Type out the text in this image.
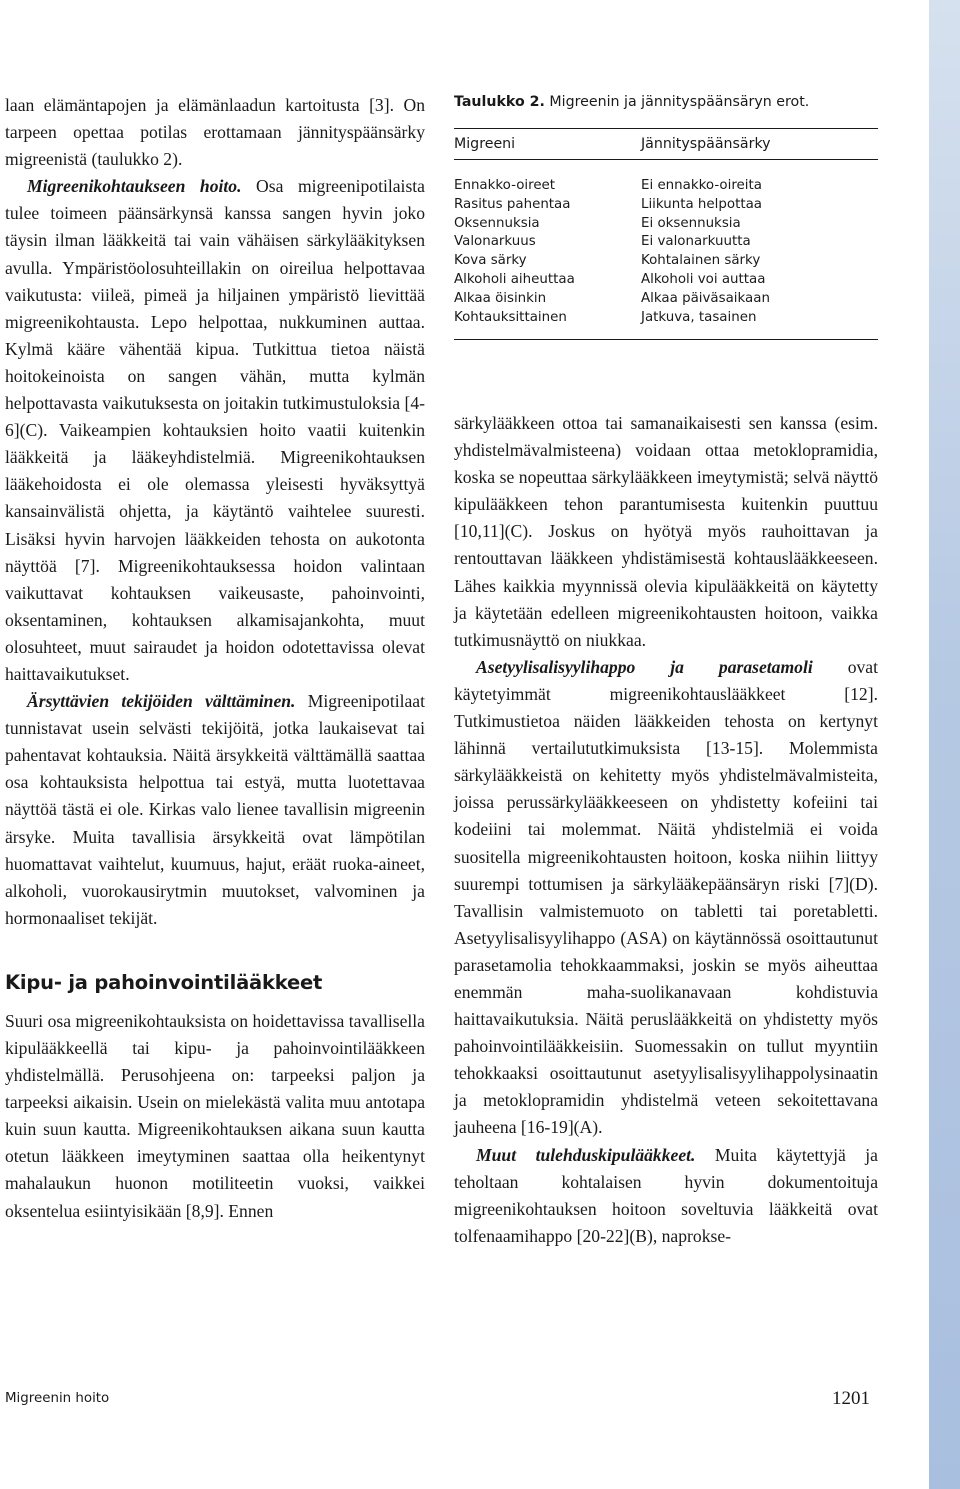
laan elämäntapojen ja elämänlaadun kartoitusta [3]. On tarpeen opettaa potilas erottamaan jännityspäänsärky migreenistä (taulukko 2).

Migreenikohtaukseen hoito. Osa migreenipotilaista tulee toimeen päänsärkynsä kanssa sangen hyvin joko täysin ilman lääkkeitä tai vain vähäisen särkylääkityksen avulla. Ympäristöolosuhteillakin on oireilua helpottavaa vaikutusta: viileä, pimeä ja hiljainen ympäristö lievittää migreenikohtausta. Lepo helpottaa, nukkuminen auttaa. Kylmä kääre vähentää kipua. Tutkittua tietoa näistä hoitokeinoista on sangen vähän, mutta kylmän helpottavasta vaikutuksesta on joitakin tutkimustuloksia [4-6](C). Vaikeampien kohtauksien hoito vaatii kuitenkin lääkkeitä ja lääkeyhdistelmiä. Migreenikohtauksen lääkehoidosta ei ole olemassa yleisesti hyväksyttyä kansainvälistä ohjetta, ja käytäntö vaihtelee suuresti. Lisäksi hyvin harvojen lääkkeiden tehosta on aukotonta näyttöä [7]. Migreenikohtauksessa hoidon valintaan vaikuttavat kohtauksen vaikeusaste, pahoinvointi, oksentaminen, kohtauksen alkamisajankohta, muut olosuhteet, muut sairaudet ja hoidon odotettavissa olevat haittavaikutukset.

Ärsyttävien tekijöiden välttäminen. Migreenipotilaat tunnistavat usein selvästi tekijöitä, jotka laukaisevat tai pahentavat kohtauksia. Näitä ärsykkeitä välttämällä saattaa osa kohtauksista helpottua tai estyä, mutta luotettavaa näyttöä tästä ei ole. Kirkas valo lienee tavallisin migreenin ärsyke. Muita tavallisia ärsykkeitä ovat lämpötilan huomattavat vaihtelut, kuumuus, hajut, eräät ruoka-aineet, alkoholi, vuorokausirytmin muutokset, valvominen ja hormonaaliset tekijät.

Kipu- ja pahoinvointilääkkeet

Suuri osa migreenikohtauksista on hoidettavissa tavallisella kipulääkkeellä tai kipu- ja pahoinvointilääkkeen yhdistelmällä. Perusohjeena on: tarpeeksi paljon ja tarpeeksi aikaisin. Usein on mielekästä valita muu antotapa kuin suun kautta. Migreenikohtauksen aikana suun kautta otetun lääkkeen imeytyminen saattaa olla heikentynyt mahalaukun huonon motiliteetin vuoksi, vaikkei oksentelua esiintyisikään [8,9]. Ennen

Taulukko 2. Migreenin ja jännityspäänsäryn erot.

Migreeni	Jännityspäänsärky
Ennakko-oireet
Rasitus pahentaa
Oksennuksia
Valonarkuus
Kova särky
Alkoholi aiheuttaa
Alkaa öisinkin
Kohtauksittainen
Ei ennakko-oireita
Liikunta helpottaa
Ei oksennuksia
Ei valonarkuutta
Kohtalainen särky
Alkoholi voi auttaa
Alkaa päiväsaikaan
Jatkuva, tasainen

särkylääkkeen ottoa tai samanaikaisesti sen kanssa (esim. yhdistelmävalmisteena) voidaan ottaa metoklopramidia, koska se nopeuttaa särkylääkkeen imeytymistä; selvä näyttö kipulääkkeen tehon parantumisesta kuitenkin puuttuu [10,11](C). Joskus on hyötyä myös rauhoittavan ja rentouttavan lääkkeen yhdistämisestä kohtauslääkkeeseen. Lähes kaikkia myynnissä olevia kipulääkkeitä on käytetty ja käytetään edelleen migreenikohtausten hoitoon, vaikka tutkimusnäyttö on niukkaa.

Asetyylisalisyylihappo ja parasetamoli ovat käytetyimmät migreenikohtauslääkkeet [12]. Tutkimustietoa näiden lääkkeiden tehosta on kertynyt lähinnä vertailututkimuksista [13-15]. Molemmista särkylääkkeistä on kehitetty myös yhdistelmävalmisteita, joissa perussärkylääkkeeseen on yhdistetty kofeiini tai kodeiini tai molemmat. Näitä yhdistelmiä ei voida suositella migreenikohtausten hoitoon, koska niihin liittyy suurempi tottumisen ja särkylääkepäänsäryn riski [7](D). Tavallisin valmistemuoto on tabletti tai poretabletti. Asetyylisalisyylihappo (ASA) on käytännössä osoittautunut parasetamolia tehokkaammaksi, joskin se myös aiheuttaa enemmän maha-suolikanavaan kohdistuvia haittavaikutuksia. Näitä peruslääkkeitä on yhdistetty myös pahoinvointilääkkeisiin. Suomessakin on tullut myyntiin tehokkaaksi osoittautunut asetyylisalisyylihappolysinaatin ja metoklopramidin yhdistelmä veteen sekoitettavana jauheena [16-19](A).

Muut tulehduskipulääkkeet. Muita käytettyjä ja teholtaan kohtalaisen hyvin dokumentoituja migreenikohtauksen hoitoon soveltuvia lääkkeitä ovat tolfenaamihappo [20-22](B), naprokse-

Migreenin hoito	1201
